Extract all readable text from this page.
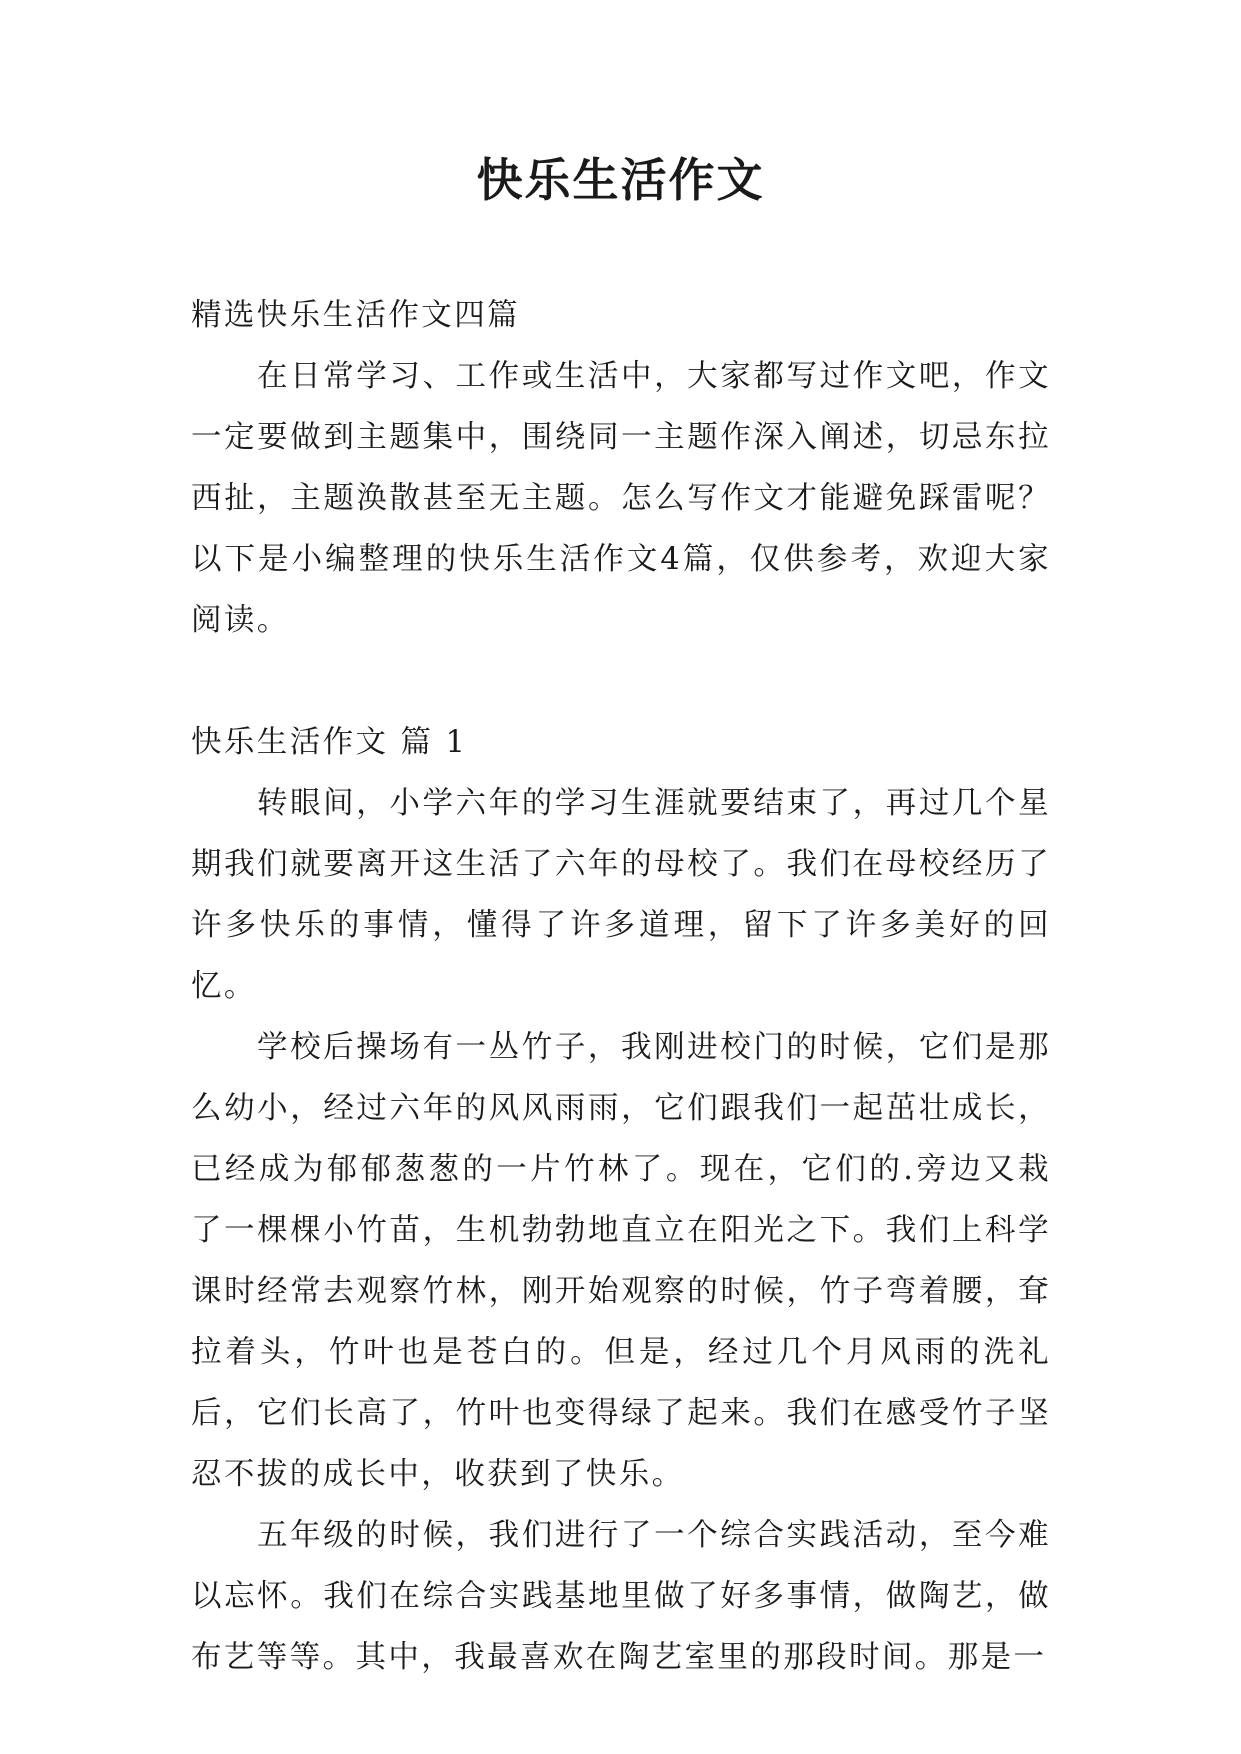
快乐生活作文

精选快乐生活作文四篇

在日常学习、工作或生活中，大家都写过作文吧，作文一定要做到主题集中，围绕同一主题作深入阐述，切忌东拉西扯，主题涣散甚至无主题。怎么写作文才能避免踩雷呢？以下是小编整理的快乐生活作文4篇，仅供参考，欢迎大家阅读。

快乐生活作文 篇 1

转眼间，小学六年的学习生涯就要结束了，再过几个星期我们就要离开这生活了六年的母校了。我们在母校经历了许多快乐的事情，懂得了许多道理，留下了许多美好的回忆。

学校后操场有一丛竹子，我刚进校门的时候，它们是那么幼小，经过六年的风风雨雨，它们跟我们一起茁壮成长，已经成为郁郁葱葱的一片竹林了。现在，它们的.旁边又栽了一棵棵小竹苗，生机勃勃地直立在阳光之下。我们上科学课时经常去观察竹林，刚开始观察的时候，竹子弯着腰，耷拉着头，竹叶也是苍白的。但是，经过几个月风雨的洗礼后，它们长高了，竹叶也变得绿了起来。我们在感受竹子坚忍不拔的成长中，收获到了快乐。

五年级的时候，我们进行了一个综合实践活动，至今难以忘怀。我们在综合实践基地里做了好多事情，做陶艺，做布艺等等。其中，我最喜欢在陶艺室里的那段时间。那是一
